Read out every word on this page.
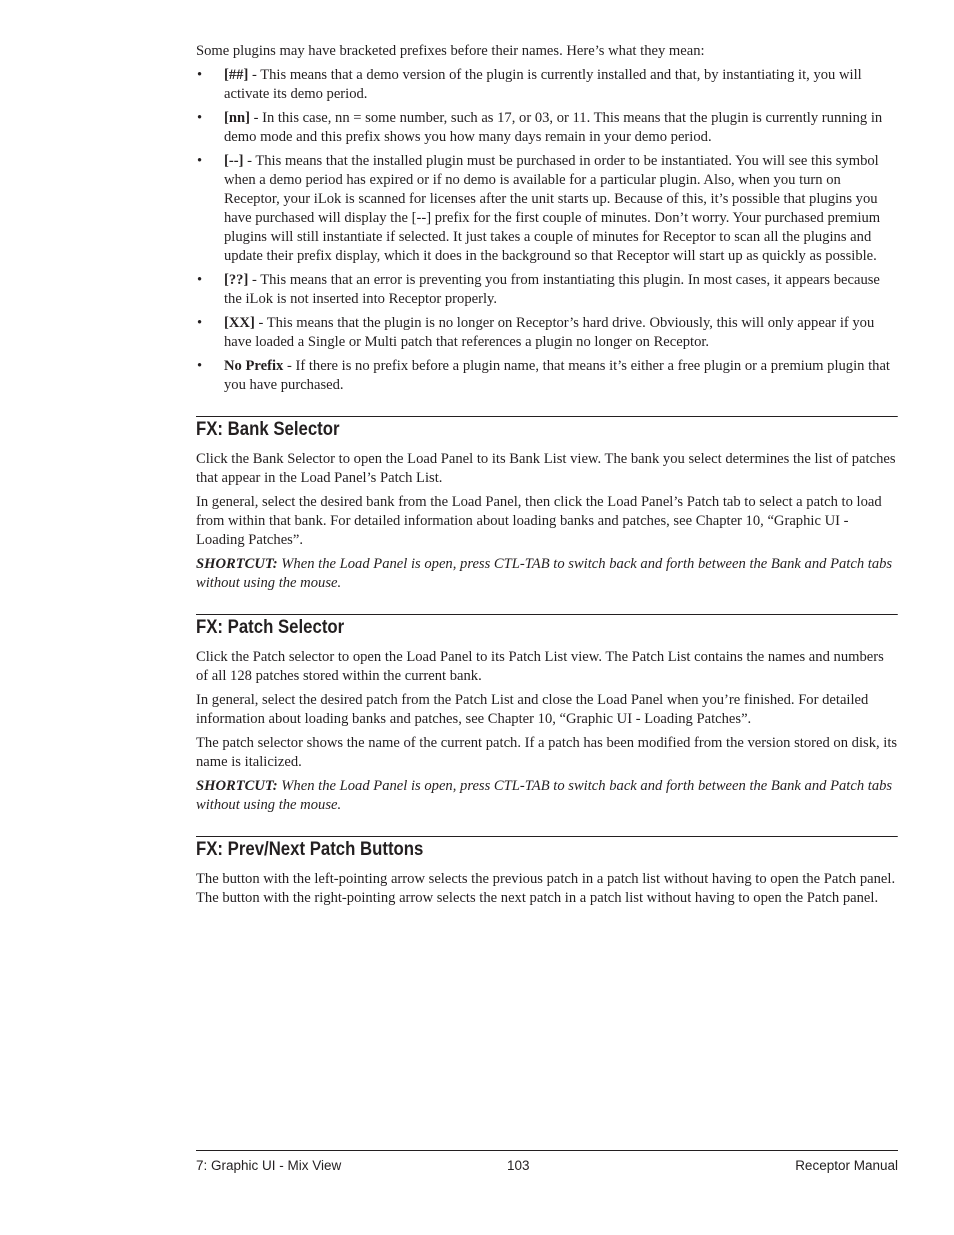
Some plugins may have bracketed prefixes before their names. Here’s what they mean:

• [##] - This means that a demo version of the plugin is currently installed and that, by instantiating it, you will activate its demo period.
• [nn] - In this case, nn = some number, such as 17, or 03, or 11. This means that the plugin is currently running in demo mode and this prefix shows you how many days remain in your demo period.
• [--] - This means that the installed plugin must be purchased in order to be instantiated. You will see this symbol when a demo period has expired or if no demo is available for a particular plugin. Also, when you turn on Receptor, your iLok is scanned for licenses after the unit starts up. Because of this, it’s possible that plugins you have purchased will display the [--] prefix for the first couple of minutes. Don’t worry. Your purchased premium plugins will still instantiate if selected. It just takes a couple of minutes for Receptor to scan all the plugins and update their prefix display, which it does in the background so that Receptor will start up as quickly as possible.
• [??] - This means that an error is preventing you from instantiating this plugin. In most cases, it appears because the iLok is not inserted into Receptor properly.
• [XX] - This means that the plugin is no longer on Receptor’s hard drive. Obviously, this will only appear if you have loaded a Single or Multi patch that references a plugin no longer on Receptor.
• No Prefix - If there is no prefix before a plugin name, that means it’s either a free plugin or a premium plugin that you have purchased.
FX: Bank Selector

Click the Bank Selector to open the Load Panel to its Bank List view. The bank you select determines the list of patches that appear in the Load Panel’s Patch List.

In general, select the desired bank from the Load Panel, then click the Load Panel’s Patch tab to select a patch to load from within that bank. For detailed information about loading banks and patches, see Chapter 10, “Graphic UI - Loading Patches”.

SHORTCUT: When the Load Panel is open, press CTL-TAB to switch back and forth between the Bank and Patch tabs without using the mouse.

FX: Patch Selector

Click the Patch selector to open the Load Panel to its Patch List view. The Patch List contains the names and numbers of all 128 patches stored within the current bank.

In general, select the desired patch from the Patch List and close the Load Panel when you’re finished. For detailed information about loading banks and patches, see Chapter 10, “Graphic UI - Loading Patches”.

The patch selector shows the name of the current patch. If a patch has been modified from the version stored on disk, its name is italicized.

SHORTCUT: When the Load Panel is open, press CTL-TAB to switch back and forth between the Bank and Patch tabs without using the mouse.

FX: Prev/Next Patch Buttons

The button with the left-pointing arrow selects the previous patch in a patch list without having to open the Patch panel. The button with the right-pointing arrow selects the next patch in a patch list without having to open the Patch panel.

7: Graphic UI - Mix View	103	Receptor Manual
